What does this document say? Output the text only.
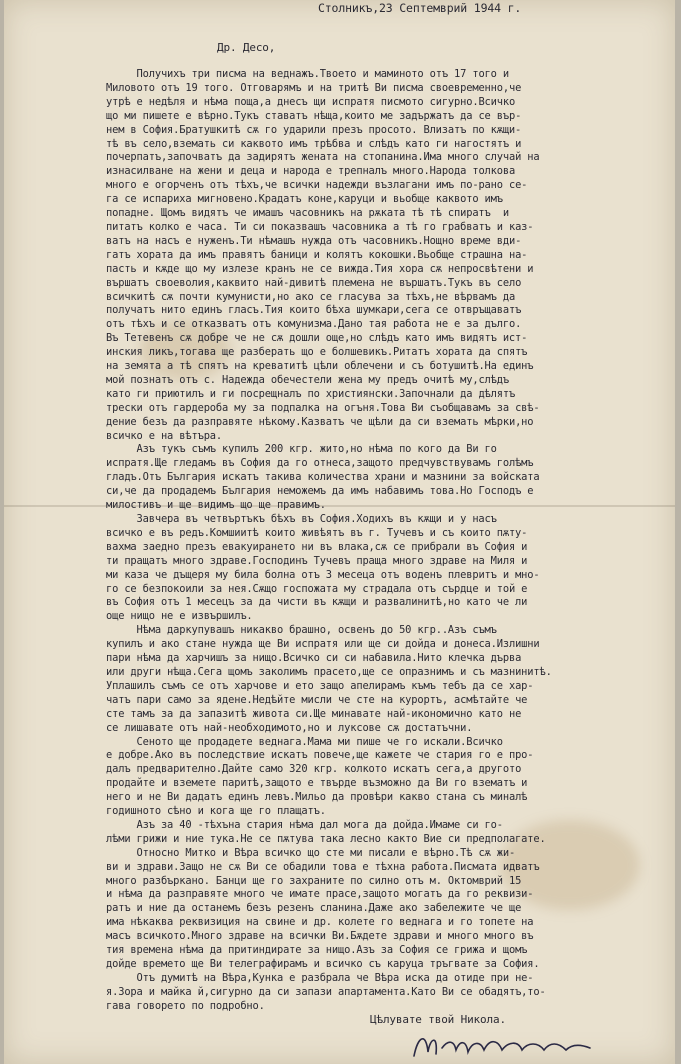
Столникъ,23 Септемврий 1944 г.
Др. Десо,

Получихъ три писма на веднажъ.Твоето и маминото отъ 17 того и

Миловото отъ 19 того. Отговарямъ и на тритѣ Ви писма своевременно,че

утрѣ е недѣля и нѣма поща,а днесъ щи испратя писмото сигурно.Всичко

що ми пишете е вѣрно.Тукъ ставатъ нѣща,които ме задържатъ да се вър-

нем в София.Братушкитѣ сѫ го ударили презъ просото. Влизатъ по кѫщи-

тѣ въ село,вземать си каквото имъ трѣбва и слѣдъ като ги нагостятъ и

почерпатъ,започватъ да задирятъ жената на стопанина.Има много случай на

изнасилване на жени и деца и народа е трепналъ много.Народа толкова

много е огорченъ отъ тѣхъ,че всички надежди възлагани имъ по-рано се-

га се испариха мигновено.Крадатъ коне,каруци и вьобще каквото имъ

попадне. Щомъ видятъ че имашъ часовникъ на рѫката тѣ тѣ спиратъ  и

питатъ колко е часа. Ти си показвашъ часовника а тѣ го грабватъ и каз-

ватъ на насъ е нуженъ.Ти нѣмашъ нужда отъ часовникъ.Нощно време вди-

гатъ хората да имъ правятъ баници и колятъ кокошки.Вьобще страшна на-

пасть и кѫде що му излезе кранъ не се вижда.Тия хора сѫ непросвѣтени и

вършатъ своеволия,каквито най-дивитѣ племена не вършатъ.Тукъ въ село

всичкитѣ сѫ почти кумунисти,но ако се гласува за тѣхъ,не вѣрвамъ да

получатъ нито единъ гласъ.Тия които бѣха шумкари,сега се отвръщаватъ

отъ тѣхъ и се отказватъ отъ комунизма.Дано тая работа не е за дълго.

Въ Тетевенъ сѫ добре че не сѫ дошли още,но слѣдъ като имъ видятъ ист-

инския ликъ,тогава ще разберать що е болшевикъ.Ритатъ хората да спятъ

на земята а тѣ спятъ на креватитѣ цѣли облечени и съ ботушитѣ.На единъ

мой познатъ отъ с. Надежда обечестели жена му предъ очитѣ му,слѣдъ

като ги приютилъ и ги посрещналъ по християнски.Започнали да дѣлятъ

трески отъ гардероба му за подпалка на огъня.Това Ви съобщавамъ за свѣ-

дение безъ да разправяте нѣкому.Казватъ че щѣли да си вземать мѣрки,но

всичко е на вѣтъра.

Азъ тукъ съмъ купилъ 200 кгр. жито,но нѣма по кого да Ви го

испратя.Ще гледамъ въ София да го отнеса,защото предчувствувамъ голѣмъ

гладъ.Отъ България искатъ такива количества храни и мазнини за войската

си,че да продадемъ България неможемъ да имъ набавимъ това.Но Господъ е

милостивъ и ще видимъ що ще правимъ.

Завчера въ четвъртъкъ бѣхъ въ София.Ходихъ въ кѫщи и у насъ

всичко е въ редъ.Комшиитѣ които живѣятъ въ г. Тучевъ и съ които пѫту-

вахма заедно презъ евакуирането ни въ влака,сѫ се прибрали въ София и

ти пращатъ много здраве.Господинъ Тучевъ праща много здраве на Миля и

ми каза че дъщеря му била болна отъ 3 месеца отъ воденъ плевритъ и мно-

го се безпокоили за нея.Сѫщо госпожата му страдала отъ сърдце и той е

въ София отъ 1 месецъ за да чисти въ кѫщи и развалинитѣ,но като че ли

още нищо не е извършилъ.

Нѣма даркупувашъ никакво брашно, освенъ до 50 кгр..Азъ съмъ

купилъ и ако стане нужда ще Ви испратя или ще си дойда и донеса.Излишни

пари нѣма да харчишъ за нищо.Всичко си си набавила.Нито клечка дърва

или други нѣща.Сега щомъ заколимъ прасето,ще се опразнимъ и съ мазнинитѣ.

Уплашилъ съмъ се отъ харчове и ето защо апелирамъ къмъ тебъ да се хар-

чатъ пари само за ядене.Недѣйте мисли че сте на курортъ, асмѣтайте че

сте тамъ за да запазитѣ живота си.Ще минавате най-икономично като не

се лишавате отъ най-необходимото,но и луксове сѫ достатъчни.

Сеното ще продадете веднага.Мама ми пише че го искали.Всичко

е добре.Ако въ последствие искатъ повече,ще кажете че стария го е про-

далъ предварително.Дайте само 320 кгр. колкото искатъ сега,а другото

продайте и вземете паритѣ,защото е твърде възможно да Ви го взематъ и

него и не Ви дадатъ единъ левъ.Мильо да провѣри какво стана съ миналѣ

годишното сѣно и кога ще го плащатъ.

Азъ за 40 -тѣхъна стария нѣма дал мога да дойда.Имаме си го-

лѣми грижи и ние тука.Не се пѫтува така лесно както Вие си предполагате.

Относно Митко и Вѣра всичко що сте ми писали е вѣрно.Тѣ сѫ жи-

ви и здрави.Защо не сѫ Ви се обадили това е тѣхна работа.Писмата идватъ

много разбъркано. Банци ще го захраните по силно отъ м. Октомврий 15

и нѣма да разправяте много че имате прасе,защото могатъ да го реквизи-

ратъ и ние да останемъ безъ резенъ сланина.Даже ако забележите че ще

има нѣкаква реквизиция на свине и др. колете го веднага и го топете на

масъ всичкото.Много здраве на всички Ви.Бѫдете здрави и много много въ

тия времена нѣма да притиндирате за нищо.Азъ за София се грижа и щомъ

дойде времето ще Ви телеграфирамъ и всичко съ каруца тръгвате за София.

Отъ думитѣ на Вѣра,Кунка е разбрала че Вѣра иска да отиде при не-

я.Зора и майка й,сигурно да си запази апартамента.Като Ви се обадятъ,то-

гава говорето по подробно.

Цѣлувате твой Никола.
